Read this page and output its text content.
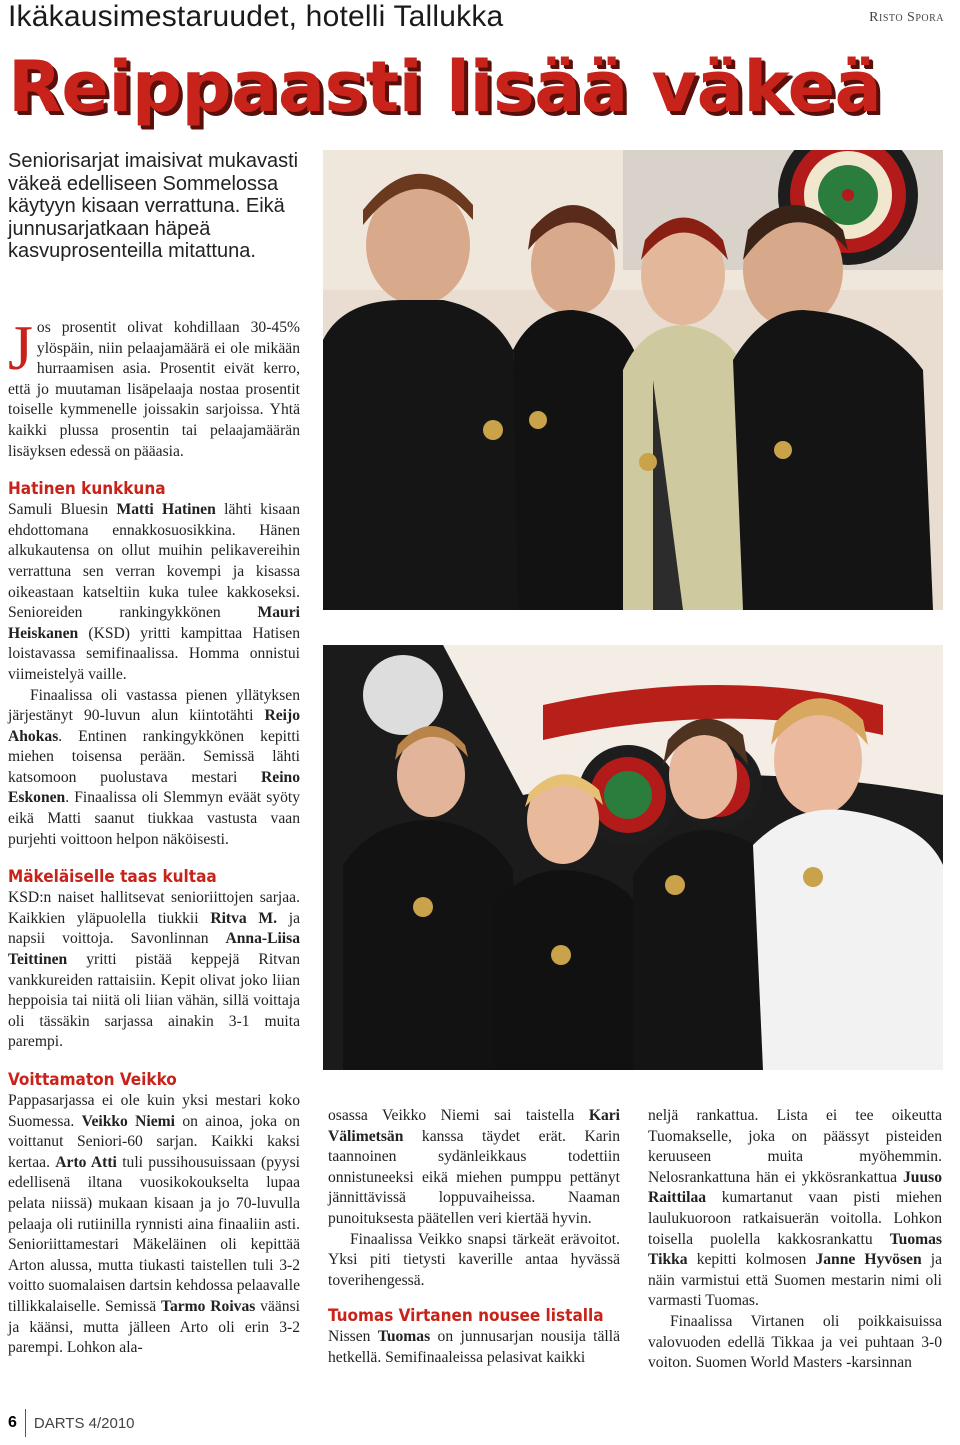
Ikäkausimestaruudet, hotelli Tallukka	Risto Spora
Reippaasti lisää väkeä
Seniorisarjat imaisivat mukavasti väkeä edelliseen Sommelossa käytyyn kisaan verrattuna. Eikä junnusarjatkaan häpeä kasvuprosenteilla mitattuna.

Jos prosentit olivat kohdillaan 30-45% ylöspäin, niin pelaajamäärä ei ole mikään hurraamisen asia. Prosentit eivät kerro, että jo muutaman lisäpelaaja nostaa prosentit toiselle kymmenelle joissakin sarjoissa. Yhtä kaikki plussa prosentin tai pelaajamäärän lisäyksen edessä on pääasia.

Hatinen kunkkuna

Samuli Bluesin Matti Hatinen lähti kisaan ehdottomana ennakkosuosikkina. Hänen alkukautensa on ollut muihin pelikavereihin verrattuna sen verran kovempi ja kisassa oikeastaan katseltiin kuka tulee kakkoseksi. Senioreiden rankingykkönen Mauri Heiskanen (KSD) yritti kampittaa Hatisen loistavassa semifinaalissa. Homma onnistui viimeistelyä vaille.

Finaalissa oli vastassa pienen yllätyksen järjestänyt 90-luvun alun kiintotähti Reijo Ahokas. Entinen rankingykkönen kepitti miehen toisensa perään. Semissä lähti katsomoon puolustava mestari Reino Eskonen. Finaalissa oli Slemmyn eväät syöty eikä Matti saanut tiukkaa vastusta vaan purjehti voittoon helpon näköisesti.

Mäkeläiselle taas kultaa

KSD:n naiset hallitsevat senioriittojen sarjaa. Kaikkien yläpuolella tiukkii Ritva M. ja napsii voittoja. Savonlinnan Anna-Liisa Teittinen yritti pistää keppejä Ritvan vankkureiden rattaisiin. Kepit olivat joko liian heppoisia tai niitä oli liian vähän, sillä voittaja oli tässäkin sarjassa ainakin 3-1 muita parempi.

Voittamaton Veikko

Pappasarjassa ei ole kuin yksi mestari koko Suomessa. Veikko Niemi on ainoa, joka on voittanut Seniori-60 sarjan. Kaikki kaksi kertaa. Arto Atti tuli pussihousuissaan (pyysi edellisenä iltana vuosikokoukselta lupaa pelata niissä) mukaan kisaan ja jo 70-luvulla pelaaja oli rutiinilla rynnisti aina finaaliin asti. Senioriittamestari Mäkeläinen oli kepittää Arton alussa, mutta tiukasti taistellen tuli 3-2 voitto suomalaisen dartsin kehdossa pelaavalle tillikkalaiselle. Semissä Tarmo Roivas väänsi ja käänsi, mutta jälleen Arto oli erin 3-2 parempi. Lohkon ala-

osassa Veikko Niemi sai taistella Kari Välimetsän kanssa täydet erät. Karin taannoinen sydänleikkaus todettiin onnistuneeksi eikä miehen pumppu pettänyt jännittävissä loppuvaiheissa. Naaman punoituksesta päätellen veri kiertää hyvin.

Finaalissa Veikko snapsi tärkeät erävoitot. Yksi piti tietysti kaverille antaa hyvässä toverihengessä.

Tuomas Virtanen nousee listalla

Nissen Tuomas on junnusarjan nousija tällä hetkellä. Semifinaaleissa pelasivat kaikki

neljä rankattua. Lista ei tee oikeutta Tuomakselle, joka on päässyt pisteiden keruuseen muita myöhemmin. Nelosrankattuna hän ei ykkösrankattua Juuso Raittilaa kumartanut vaan pisti miehen laulukuoroon ratkaisuerän voitolla. Lohkon toisella puolella kakkosrankattu Tuomas Tikka kepitti kolmosen Janne Hyvösen ja näin varmistui että Suomen mestarin nimi oli varmasti Tuomas.

Finaalissa Virtanen oli poikkaisuissa valovuoden edellä Tikkaa ja vei puhtaan 3-0 voiton. Suomen World Masters -karsinnan

6 DARTS 4/2010
